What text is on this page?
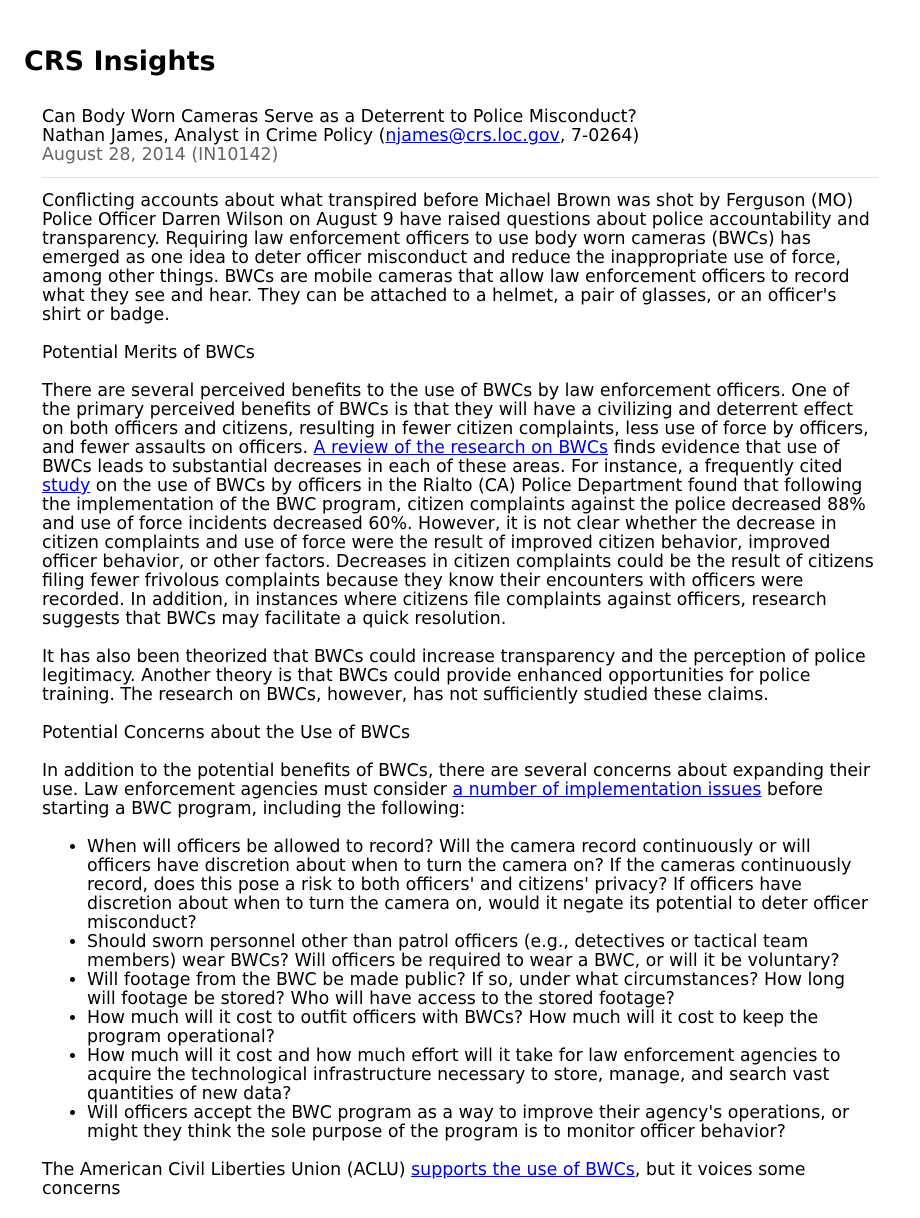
CRS Insights
Can Body Worn Cameras Serve as a Deterrent to Police Misconduct?
Nathan James, Analyst in Crime Policy (njames@crs.loc.gov, 7-0264)
August 28, 2014 (IN10142)

Conflicting accounts about what transpired before Michael Brown was shot by Ferguson (MO) Police Officer Darren Wilson on August 9 have raised questions about police accountability and transparency. Requiring law enforcement officers to use body worn cameras (BWCs) has emerged as one idea to deter officer misconduct and reduce the inappropriate use of force, among other things. BWCs are mobile cameras that allow law enforcement officers to record what they see and hear. They can be attached to a helmet, a pair of glasses, or an officer's shirt or badge.

Potential Merits of BWCs

There are several perceived benefits to the use of BWCs by law enforcement officers. One of the primary perceived benefits of BWCs is that they will have a civilizing and deterrent effect on both officers and citizens, resulting in fewer citizen complaints, less use of force by officers, and fewer assaults on officers. A review of the research on BWCs finds evidence that use of BWCs leads to substantial decreases in each of these areas. For instance, a frequently cited study on the use of BWCs by officers in the Rialto (CA) Police Department found that following the implementation of the BWC program, citizen complaints against the police decreased 88% and use of force incidents decreased 60%. However, it is not clear whether the decrease in citizen complaints and use of force were the result of improved citizen behavior, improved officer behavior, or other factors. Decreases in citizen complaints could be the result of citizens filing fewer frivolous complaints because they know their encounters with officers were recorded. In addition, in instances where citizens file complaints against officers, research suggests that BWCs may facilitate a quick resolution.

It has also been theorized that BWCs could increase transparency and the perception of police legitimacy. Another theory is that BWCs could provide enhanced opportunities for police training. The research on BWCs, however, has not sufficiently studied these claims.

Potential Concerns about the Use of BWCs

In addition to the potential benefits of BWCs, there are several concerns about expanding their use. Law enforcement agencies must consider a number of implementation issues before starting a BWC program, including the following:

• When will officers be allowed to record? Will the camera record continuously or will officers have discretion about when to turn the camera on? If the cameras continuously record, does this pose a risk to both officers' and citizens' privacy? If officers have discretion about when to turn the camera on, would it negate its potential to deter officer misconduct?
• Should sworn personnel other than patrol officers (e.g., detectives or tactical team members) wear BWCs? Will officers be required to wear a BWC, or will it be voluntary?
• Will footage from the BWC be made public? If so, under what circumstances? How long will footage be stored? Who will have access to the stored footage?
• How much will it cost to outfit officers with BWCs? How much will it cost to keep the program operational?
• How much will it cost and how much effort will it take for law enforcement agencies to acquire the technological infrastructure necessary to store, manage, and search vast quantities of new data?
• Will officers accept the BWC program as a way to improve their agency's operations, or might they think the sole purpose of the program is to monitor officer behavior?

The American Civil Liberties Union (ACLU) supports the use of BWCs, but it voices some concerns
